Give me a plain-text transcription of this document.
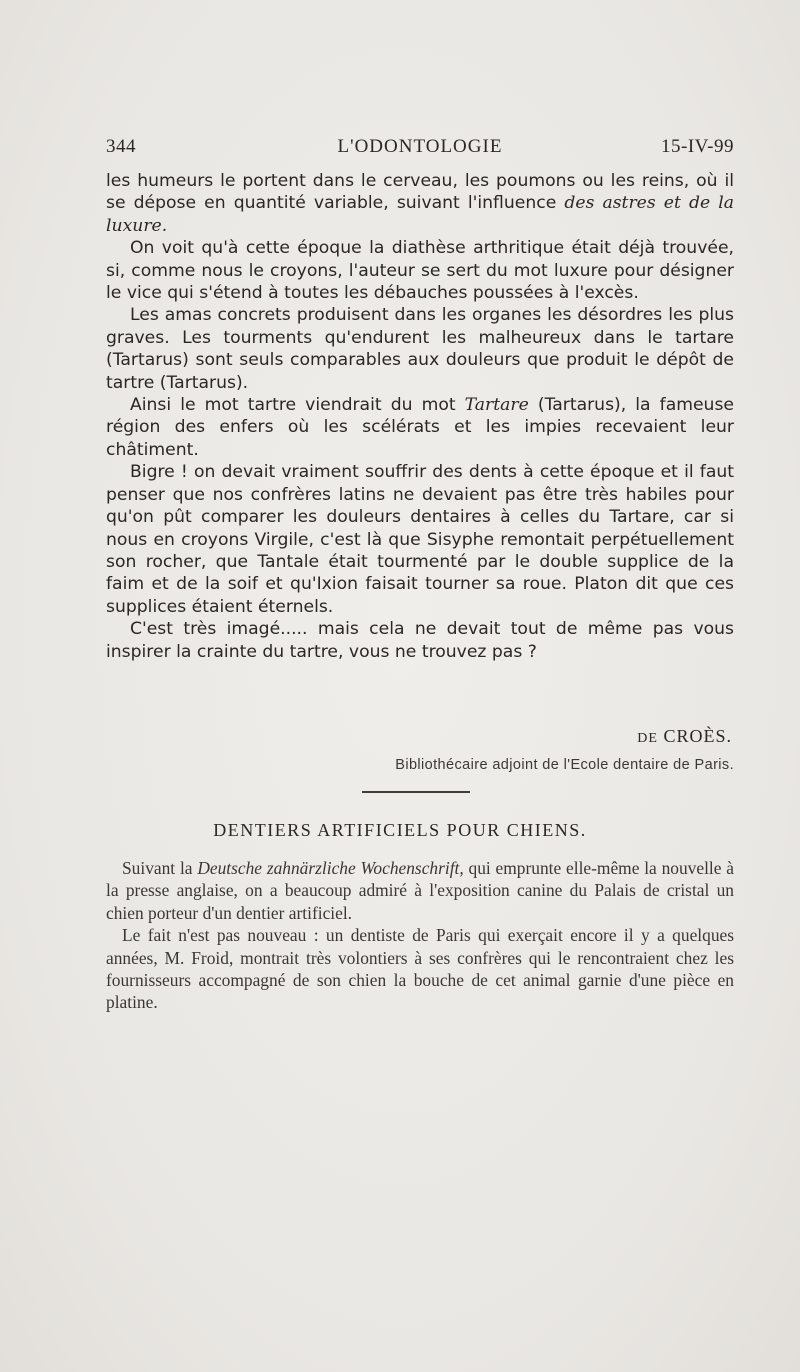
344	L'ODONTOLOGIE	15-IV-99

les humeurs le portent dans le cerveau, les poumons ou les reins, où il se dépose en quantité variable, suivant l'influence des astres et de la luxure.

On voit qu'à cette époque la diathèse arthritique était déjà trouvée, si, comme nous le croyons, l'auteur se sert du mot luxure pour désigner le vice qui s'étend à toutes les débauches poussées à l'excès.

Les amas concrets produisent dans les organes les désordres les plus graves. Les tourments qu'endurent les malheureux dans le tartare (Tartarus) sont seuls comparables aux douleurs que produit le dépôt de tartre (Tartarus).

Ainsi le mot tartre viendrait du mot Tartare (Tartarus), la fameuse région des enfers où les scélérats et les impies recevaient leur châtiment.

Bigre ! on devait vraiment souffrir des dents à cette époque et il faut penser que nos confrères latins ne devaient pas être très habiles pour qu'on pût comparer les douleurs dentaires à celles du Tartare, car si nous en croyons Virgile, c'est là que Sisyphe remontait perpétuellement son rocher, que Tantale était tourmenté par le double supplice de la faim et de la soif et qu'Ixion faisait tourner sa roue. Platon dit que ces supplices étaient éternels.

C'est très imagé..... mais cela ne devait tout de même pas vous inspirer la crainte du tartre, vous ne trouvez pas ?

DE CROÈS.
Bibliothécaire adjoint de l'Ecole dentaire de Paris.
DENTIERS ARTIFICIELS POUR CHIENS.

Suivant la Deutsche zahnärzliche Wochenschrift, qui emprunte elle-même la nouvelle à la presse anglaise, on a beaucoup admiré à l'exposition canine du Palais de cristal un chien porteur d'un dentier artificiel.

Le fait n'est pas nouveau : un dentiste de Paris qui exerçait encore il y a quelques années, M. Froid, montrait très volontiers à ses confrères qui le rencontraient chez les fournisseurs accompagné de son chien la bouche de cet animal garnie d'une pièce en platine.
